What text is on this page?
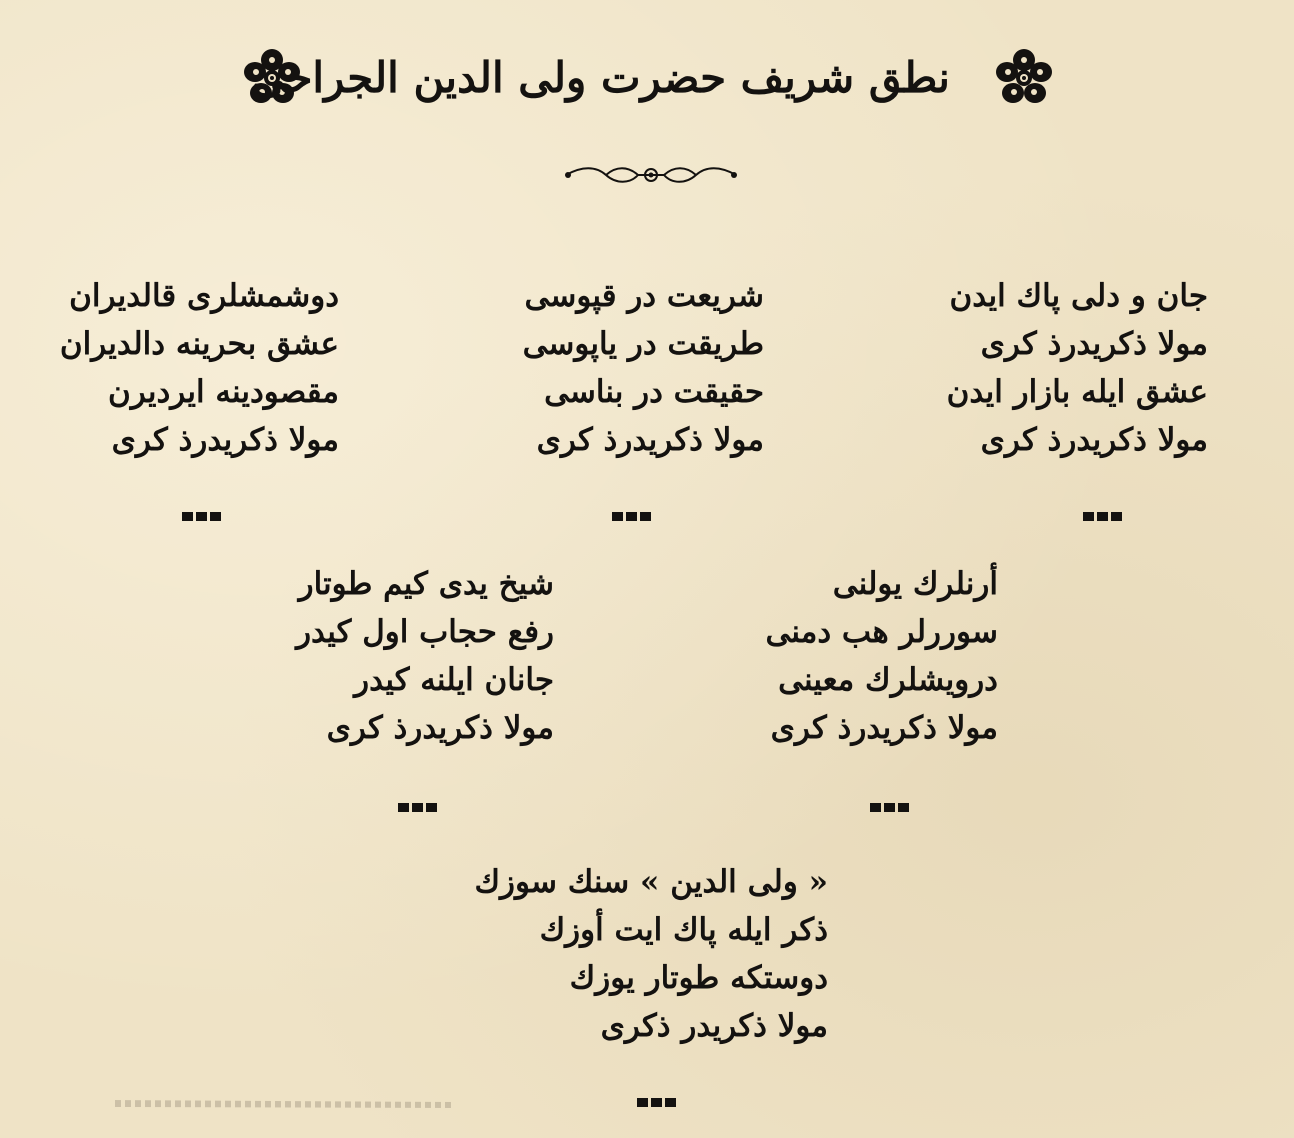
نطق شريف حضرت ولى الدين الجراحى
جان و دلى پاك ايدن
مولا ذكريدرذ كرى
عشق ايله بازار ايدن
مولا ذكريدرذ كرى
شريعت در قپوسى
طريقت در ياپوسى
حقيقت در بناسى
مولا ذكريدرذ كرى
دوشمشلرى قالديران
عشق بحرينه دالديران
مقصودينه ايرديرن
مولا ذكريدرذ كرى
أرنلرك يولنى
سوررلر هب دمنى
درويشلرك معينى
مولا ذكريدرذ كرى
شيخ يدى كيم طوتار
رفع حجاب اول كيدر
جانان ايلنه كيدر
مولا ذكريدرذ كرى
« ولى الدين » سنك سوزك
ذكر ايله پاك ايت أوزك
دوستكه طوتار يوزك
مولا ذكريدر ذكرى
